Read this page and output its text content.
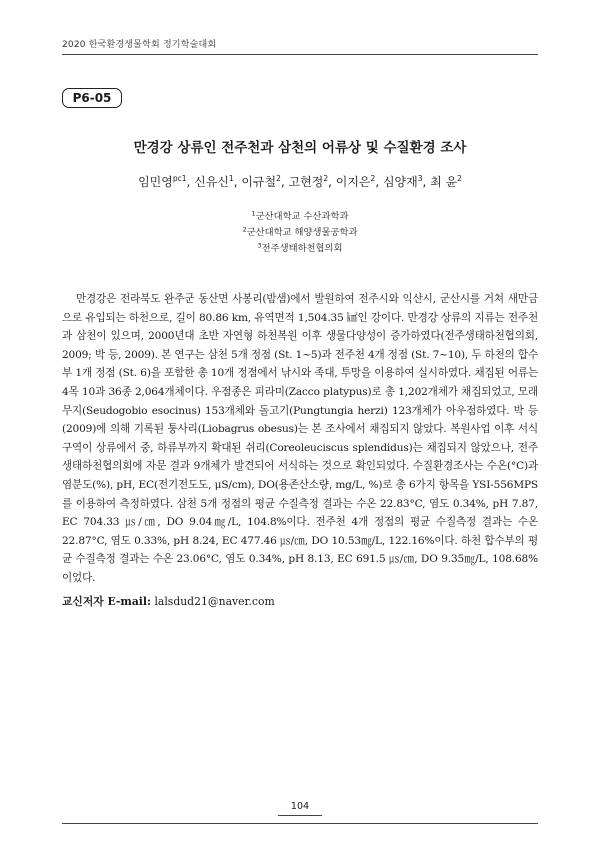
2020 한국환경생물학회 정기학술대회
P6-05
만경강 상류인 전주천과 삼천의 어류상 및 수질환경 조사
임민영$^{pc1}$, 신유신$^1$, 이규철$^2$, 고현정$^2$, 이지은$^2$, 심양재$^3$, 최 윤$^2$
$^1$군산대학교 수산과학과
$^2$군산대학교 해양생물공학과
$^3$전주생태하천협의회

만경강은 전라북도 완주군 동산면 사봉리(밤샘)에서 발원하여 전주시와 익산시, 군산시를 거쳐 새만금으로 유입되는 하천으로, 길이 80.86 km, 유역면적 1,504.35 ㎢인 강이다. 만경강 상류의 지류는 전주천과 삼천이 있으며, 2000년대 초반 자연형 하천복원 이후 생물다양성이 증가하였다(전주생태하천협의회, 2009; 박 등, 2009). 본 연구는 삼천 5개 정점 (St. 1~5)과 전주천 4개 정점 (St. 7~10), 두 하천의 합수부 1개 정점 (St. 6)을 포함한 총 10개 정점에서 낚시와 족대, 투망을 이용하여 실시하였다. 채집된 어류는 4목 10과 36종 2,064개체이다. 우점종은 피라미(Zacco platypus)로 총 1,202개체가 채집되었고, 모래무지(Seudogobio esocinus) 153개체와 돌고기(Pungtungia herzi) 123개체가 아우점하였다. 박 등(2009)에 의해 기록된 퉁사리(Liobagrus obesus)는 본 조사에서 채집되지 않았다. 복원사업 이후 서식 구역이 상류에서 중, 하류부까지 확대된 쉬리(Coreoleuciscus splendidus)는 채집되지 않았으나, 전주생태하천협의회에 자문 결과 9개체가 발견되어 서식하는 것으로 확인되었다. 수질환경조사는 수온(°C)과 염분도(%), pH, EC(전기전도도, μS/cm), DO(용존산소량, mg/L, %)로 총 6가지 항목을 YSI-556MPS를 이용하여 측정하였다. 삼천 5개 정점의 평균 수질측정 결과는 수온 22.83°C, 염도 0.34%, pH 7.87, EC 704.33 ㎲/㎝, DO 9.04㎎/L, 104.8%이다. 전주천 4개 정점의 평균 수질측정 결과는 수온 22.87°C, 염도 0.33%, pH 8.24, EC 477.46 ㎲/㎝, DO 10.53㎎/L, 122.16%이다. 하천 합수부의 평균 수질측정 결과는 수온 23.06°C, 염도 0.34%, pH 8.13, EC 691.5 ㎲/㎝, DO 9.35㎎/L, 108.68%이었다.

교신저자 E-mail: lalsdud21@naver.com
104
